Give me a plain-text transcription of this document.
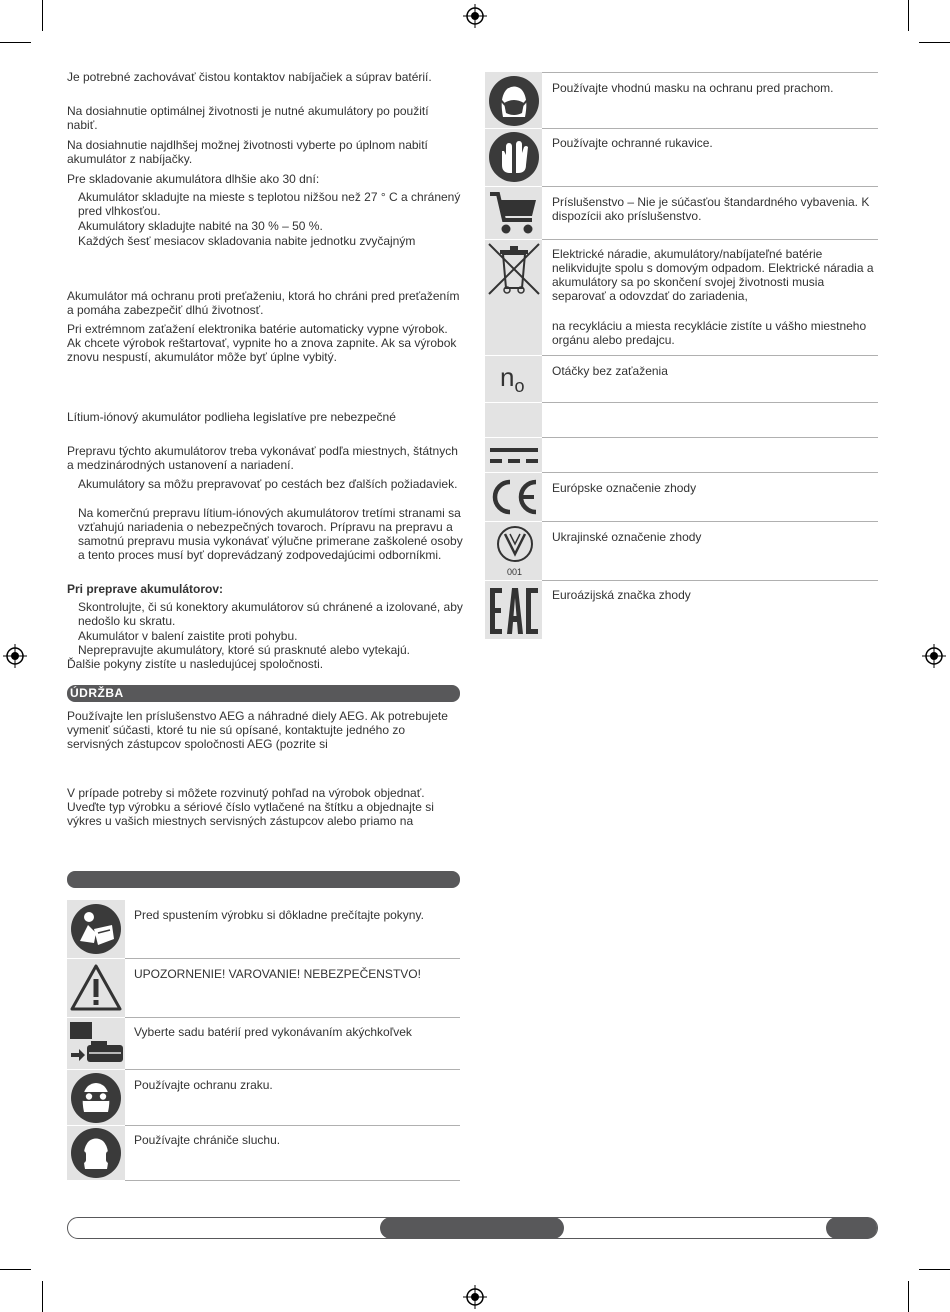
Je potrebné zachovávať čistou kontaktov nabíjačiek a súprav batérií.

Na dosiahnutie optimálnej životnosti je nutné akumulátory po použití nabiť.

Na dosiahnutie najdlhšej možnej životnosti vyberte po úplnom nabití akumulátor z nabíjačky.

Pre skladovanie akumulátora dlhšie ako 30 dní:

Akumulátor skladujte na mieste s teplotou nižšou než 27 ° C a chránený pred vlhkosťou.

Akumulátory skladujte nabité na 30 % – 50 %.

Každých šesť mesiacov skladovania nabite jednotku zvyčajným

Akumulátor má ochranu proti preťaženiu, ktorá ho chráni pred preťažením a pomáha zabezpečiť dlhú životnosť.

Pri extrémnom zaťažení elektronika batérie automaticky vypne výrobok. Ak chcete výrobok reštartovať, vypnite ho a znova zapnite. Ak sa výrobok znovu nespustí, akumulátor môže byť úplne vybitý.

Lítium-iónový akumulátor podlieha legislatíve pre nebezpečné

Prepravu týchto akumulátorov treba vykonávať podľa miestnych, štátnych a medzinárodných ustanovení a nariadení.

Akumulátory sa môžu prepravovať po cestách bez ďalších požiadaviek.

Na komerčnú prepravu lítium-iónových akumulátorov tretími stranami sa vzťahujú nariadenia o nebezpečných tovaroch. Prípravu na prepravu a samotnú prepravu musia vykonávať výlučne primerane zaškolené osoby a tento proces musí byť doprevádzaný zodpovedajúcimi odborníkmi.

Pri preprave akumulátorov:

Skontrolujte, či sú konektory akumulátorov sú chránené a izolované, aby nedošlo ku skratu.

Akumulátor v balení zaistite proti pohybu.

Neprepravujte akumulátory, ktoré sú prasknuté alebo vytekajú.

Ďalšie pokyny zistíte u nasledujúcej spoločnosti.

ÚDRŽBA

Používajte len príslušenstvo AEG a náhradné diely AEG. Ak potrebujete vymeniť súčasti, ktoré tu nie sú opísané, kontaktujte jedného zo servisných zástupcov spoločnosti AEG (pozrite si

V prípade potreby si môžete rozvinutý pohľad na výrobok objednať. Uveďte typ výrobku a sériové číslo vytlačené na štítku a objednajte si výkres u vašich miestnych servisných zástupcov alebo priamo na

Pred spustením výrobku si dôkladne prečítajte pokyny.

UPOZORNENIE! VAROVANIE! NEBEZPEČENSTVO!

Vyberte sadu batérií pred vykonávaním akýchkoľvek

Používajte ochranu zraku.

Používajte chrániče sluchu.

Používajte vhodnú masku na ochranu pred prachom.

Používajte ochranné rukavice.

Príslušenstvo – Nie je súčasťou štandardného vybavenia. K dispozícii ako príslušenstvo.

Elektrické náradie, akumulátory/nabíjateľné batérie nelikvidujte spolu s domovým odpadom. Elektrické náradia a akumulátory sa po skončení svojej životnosti musia separovať a odovzdať do zariadenia,

na recykláciu a miesta recyklácie zistíte u vášho miestneho orgánu alebo predajcu.

$n_o$

Otáčky bez zaťaženia

Európske označenie zhody

001

Ukrajinské označenie zhody

Euroázijská značka zhody
